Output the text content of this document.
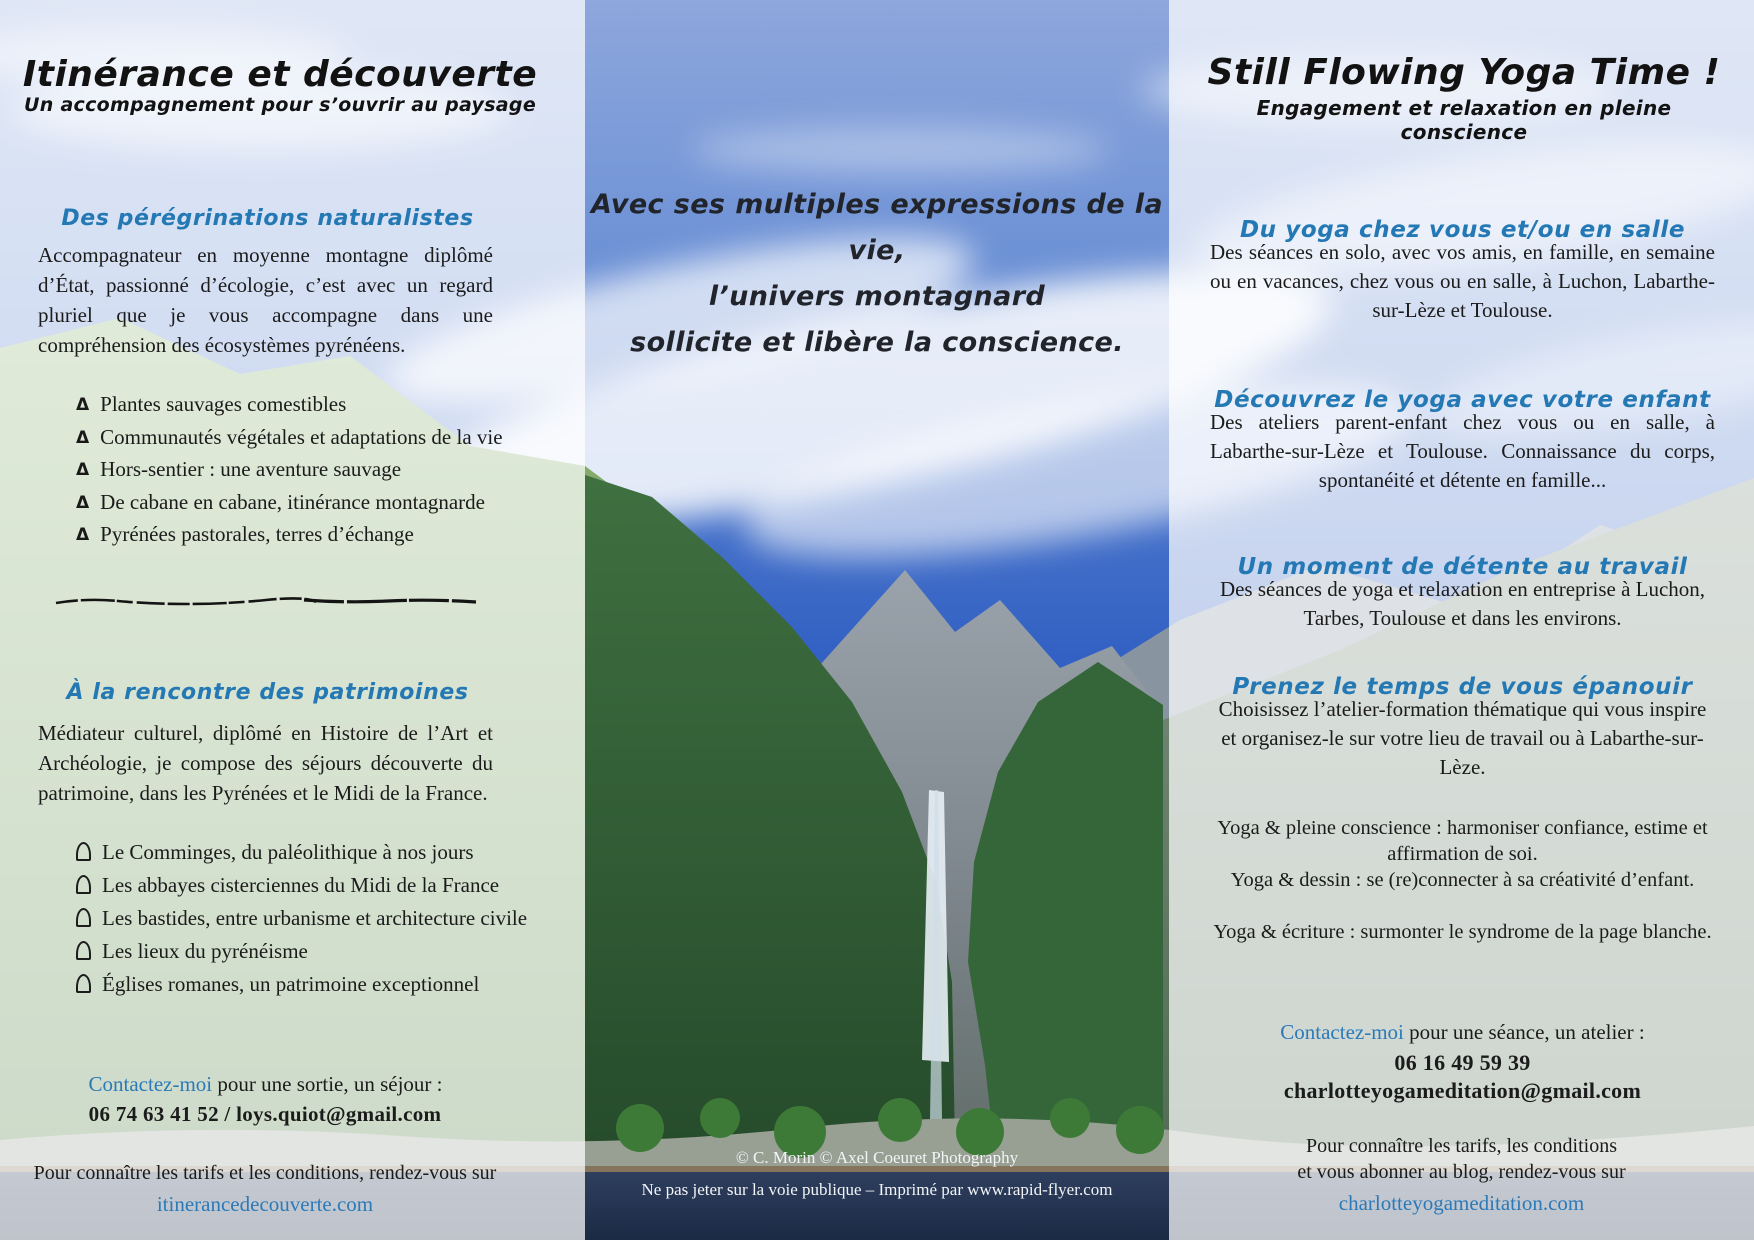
Itinérance et découverte
Un accompagnement pour s’ouvrir au paysage
Des pérégrinations naturalistes

Accompagnateur en moyenne montagne diplômé d’État, passionné d’écologie, c’est avec un regard pluriel que je vous accompagne dans une compréhension des écosystèmes pyrénéens.

Δ Plantes sauvages comestibles
Δ Communautés végétales et adaptations de la vie
Δ Hors-sentier : une aventure sauvage
Δ De cabane en cabane, itinérance montagnarde
Δ Pyrénées pastorales, terres d’échange
À la rencontre des patrimoines

Médiateur culturel, diplômé en Histoire de l’Art et Archéologie, je compose des séjours découverte du patrimoine, dans les Pyrénées et le Midi de la France.

Le Comminges, du paléolithique à nos jours
Les abbayes cisterciennes du Midi de la France
Les bastides, entre urbanisme et architecture civile
Les lieux du pyrénéisme
Églises romanes, un patrimoine exceptionnel
Contactez-moi pour une sortie, un séjour :
06 74 63 41 52 / loys.quiot@gmail.com
Pour connaître les tarifs et les conditions, rendez-vous sur
itinerancedecouverte.com
Avec ses multiples expressions de la vie,
l’univers montagnard
sollicite et libère la conscience.
© C. Morin © Axel Coeuret Photography
Ne pas jeter sur la voie publique – Imprimé par www.rapid-flyer.com
Still Flowing Yoga Time !
Engagement et relaxation en pleine conscience
Du yoga chez vous et/ou en salle

Des séances en solo, avec vos amis, en famille, en semaine ou en vacances, chez vous ou en salle, à Luchon, Labarthe-sur-Lèze et Toulouse.

Découvrez le yoga avec votre enfant

Des ateliers parent-enfant chez vous ou en salle, à Labarthe-sur-Lèze et Toulouse. Connaissance du corps, spontanéité et détente en famille...

Un moment de détente au travail

Des séances de yoga et relaxation en entreprise à Luchon, Tarbes, Toulouse et dans les environs.

Prenez le temps de vous épanouir

Choisissez l’atelier-formation thématique qui vous inspire et organisez-le sur votre lieu de travail ou à Labarthe-sur-Lèze.

Yoga & pleine conscience : harmoniser confiance, estime et affirmation de soi.

Yoga & dessin : se (re)connecter à sa créativité d’enfant.

Yoga & écriture : surmonter le syndrome de la page blanche.

Contactez-moi pour une séance, un atelier :
06 16 49 59 39
charlotteyogameditation@gmail.com
Pour connaître les tarifs, les conditions
et vous abonner au blog, rendez-vous sur
charlotteyogameditation.com
